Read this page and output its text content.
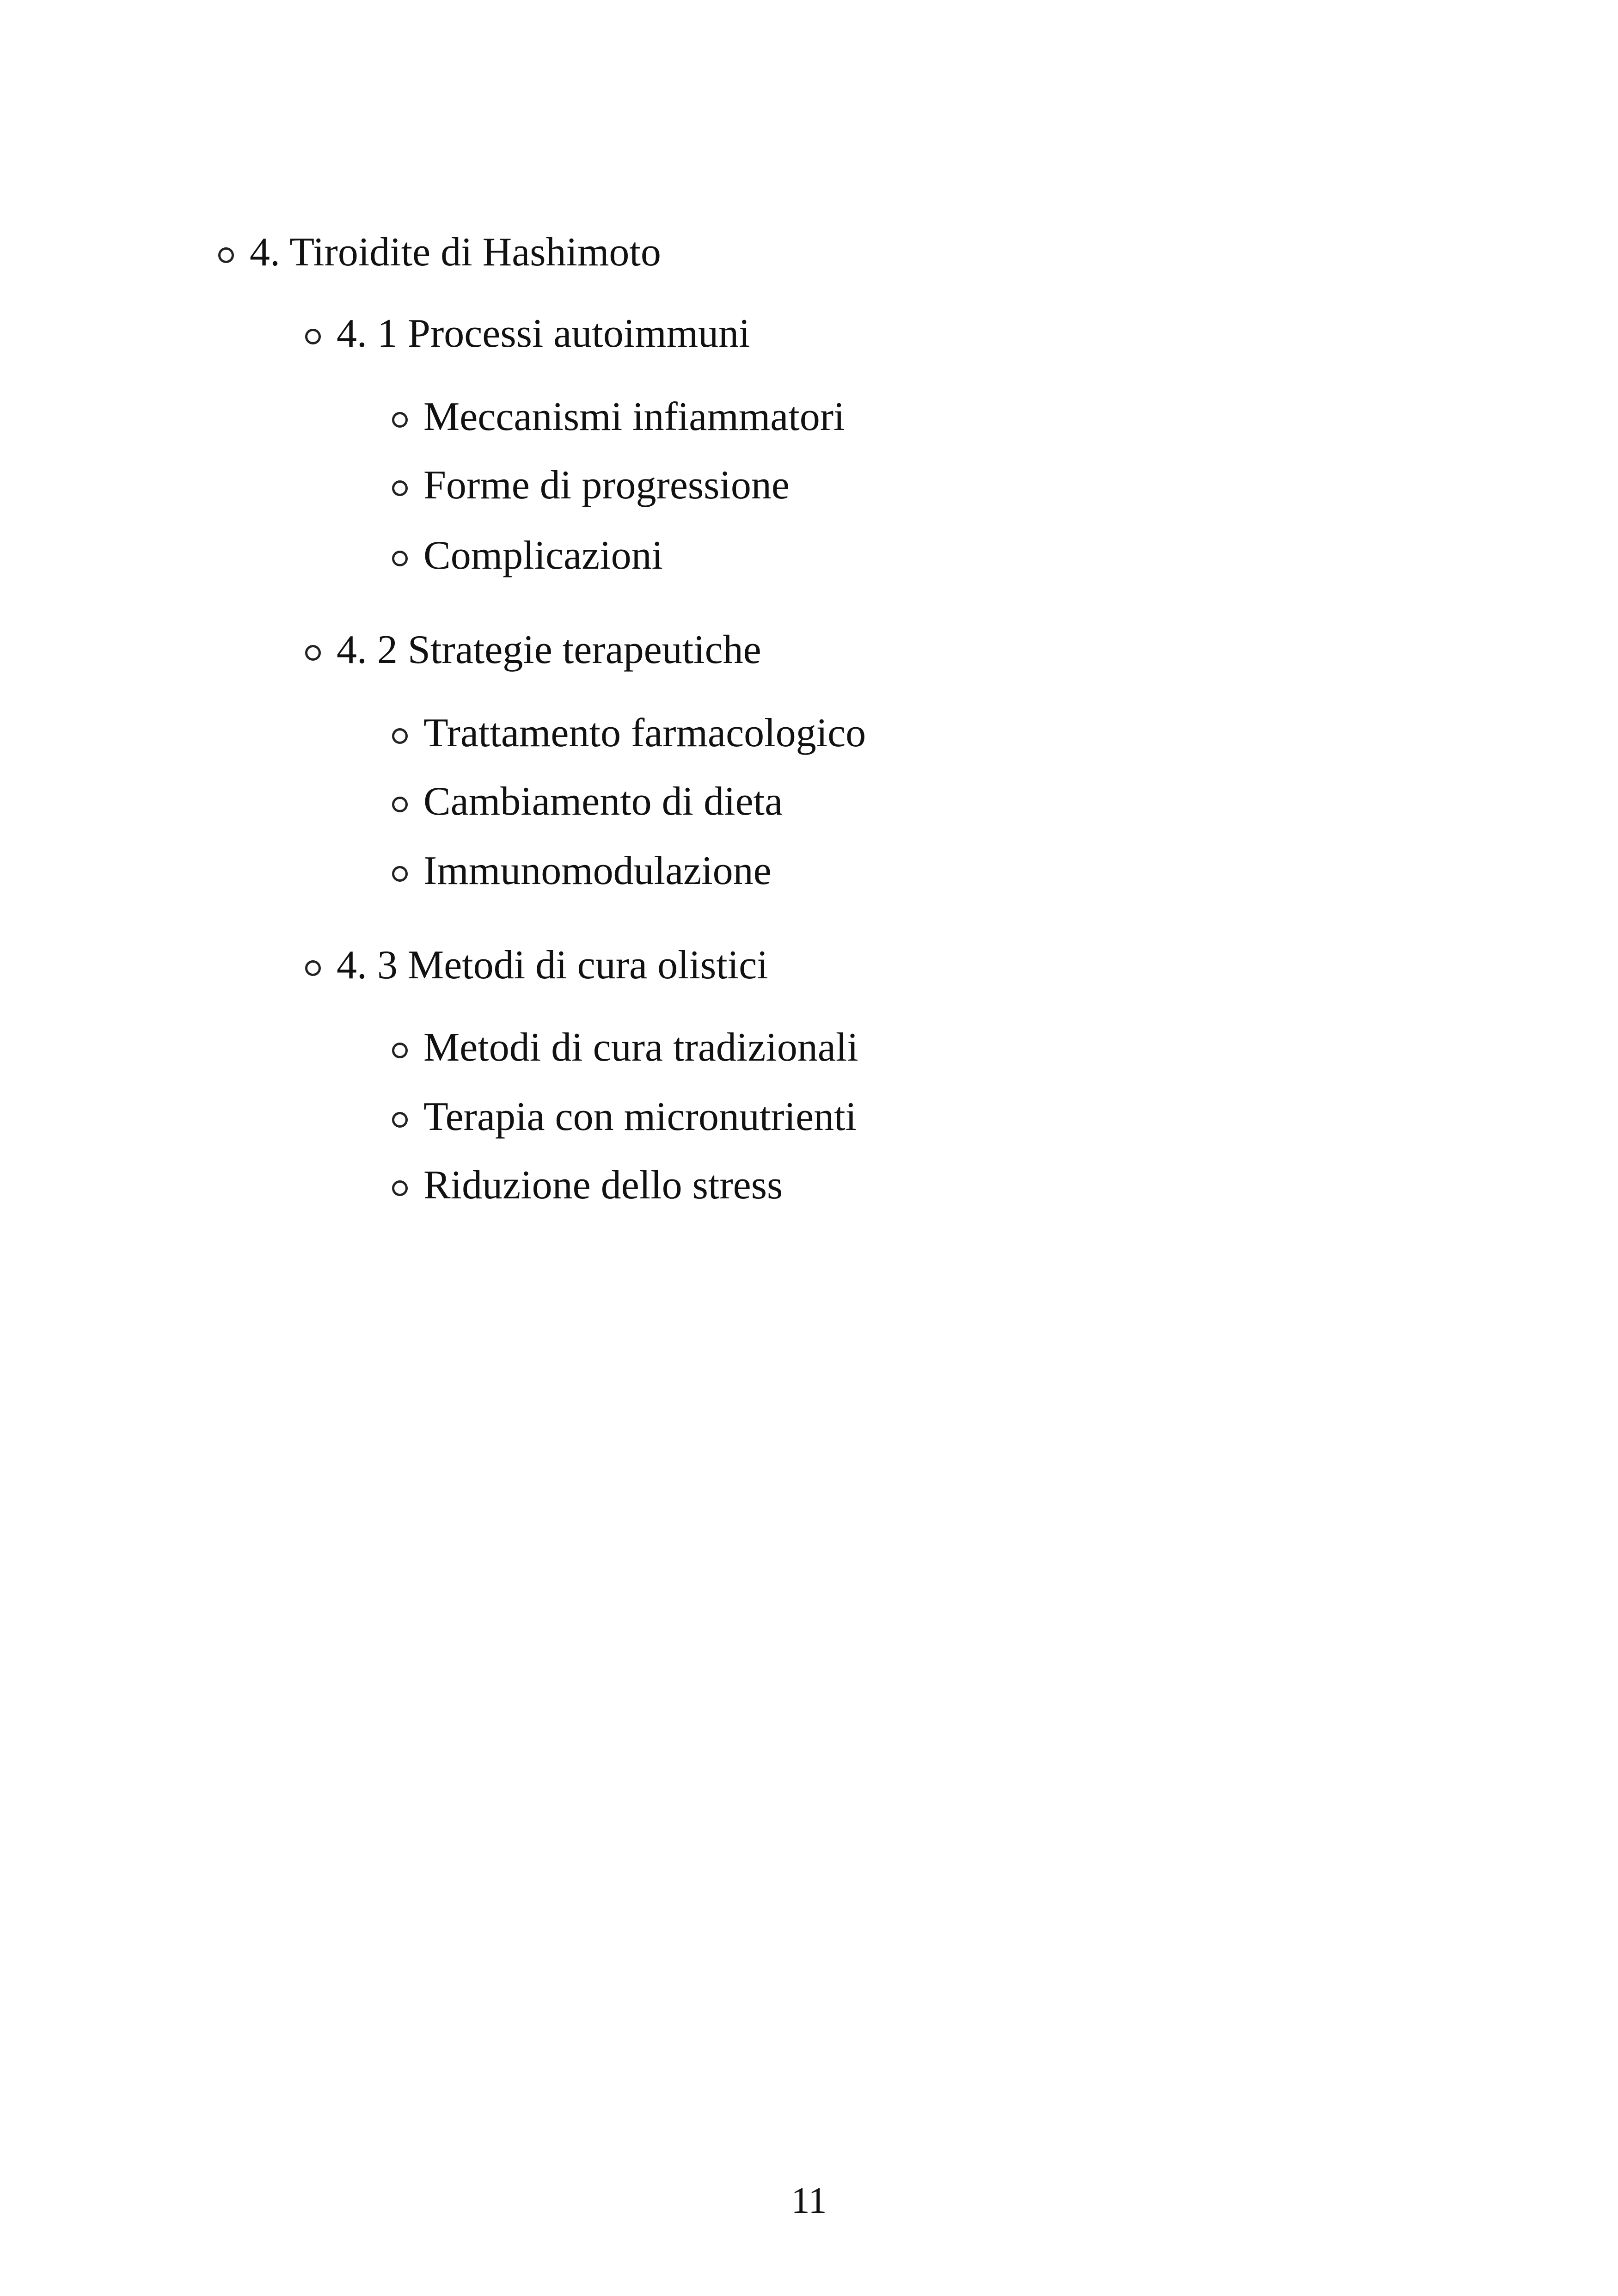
4. Tiroidite di Hashimoto
4. 1 Processi autoimmuni
Meccanismi infiammatori
Forme di progressione
Complicazioni
4. 2 Strategie terapeutiche
Trattamento farmacologico
Cambiamento di dieta
Immunomodulazione
4. 3 Metodi di cura olistici
Metodi di cura tradizionali
Terapia con micronutrienti
Riduzione dello stress
11
